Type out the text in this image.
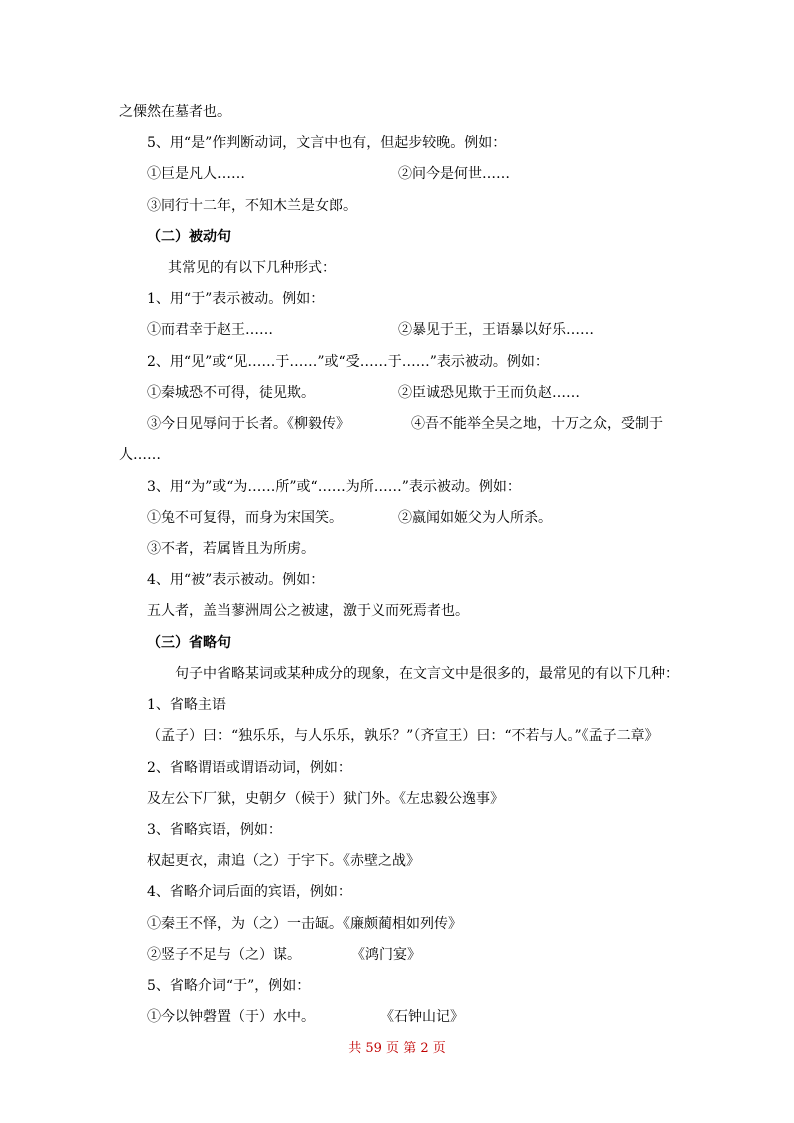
之傈然在墓者也。
5、用“是”作判断动词，文言中也有，但起步较晚。例如：
①巨是凡人……	②问今是何世……
③同行十二年，不知木兰是女郎。
（二）被动句
其常见的有以下几种形式：
1、用“于”表示被动。例如：
①而君幸于赵王……	②暴见于王，王语暴以好乐……
2、用“见”或“见……于……”或“受……于……”表示被动。例如：
①秦城恐不可得，徒见欺。	②臣诚恐见欺于王而负赵……
③今日见辱问于长者。《柳毅传》	④吾不能举全吴之地，十万之众，受制于
人……
3、用“为”或“为……所”或“……为所……”表示被动。例如：
①兔不可复得，而身为宋国笑。	②嬴闻如姬父为人所杀。
③不者，若属皆且为所虏。
4、用“被”表示被动。例如：
五人者，盖当蓼洲周公之被逮，激于义而死焉者也。
（三）省略句
句子中省略某词或某种成分的现象，在文言文中是很多的，最常见的有以下几种：
1、省略主语
（孟子）曰：“独乐乐，与人乐乐，孰乐？”（齐宣王）曰：“不若与人。”《孟子二章》
2、省略谓语或谓语动词，例如：
及左公下厂狱，史朝夕（候于）狱门外。《左忠毅公逸事》
3、省略宾语，例如：
权起更衣，肃追（之）于宇下。《赤壁之战》
4、省略介词后面的宾语，例如：
①秦王不怿，为（之）一击缻。《廉颇蔺相如列传》
②竖子不足与（之）谋。	《鸿门宴》
5、省略介词“于”，例如：
①今以钟磬置（于）水中。	《石钟山记》
共 59 页 第 2 页
